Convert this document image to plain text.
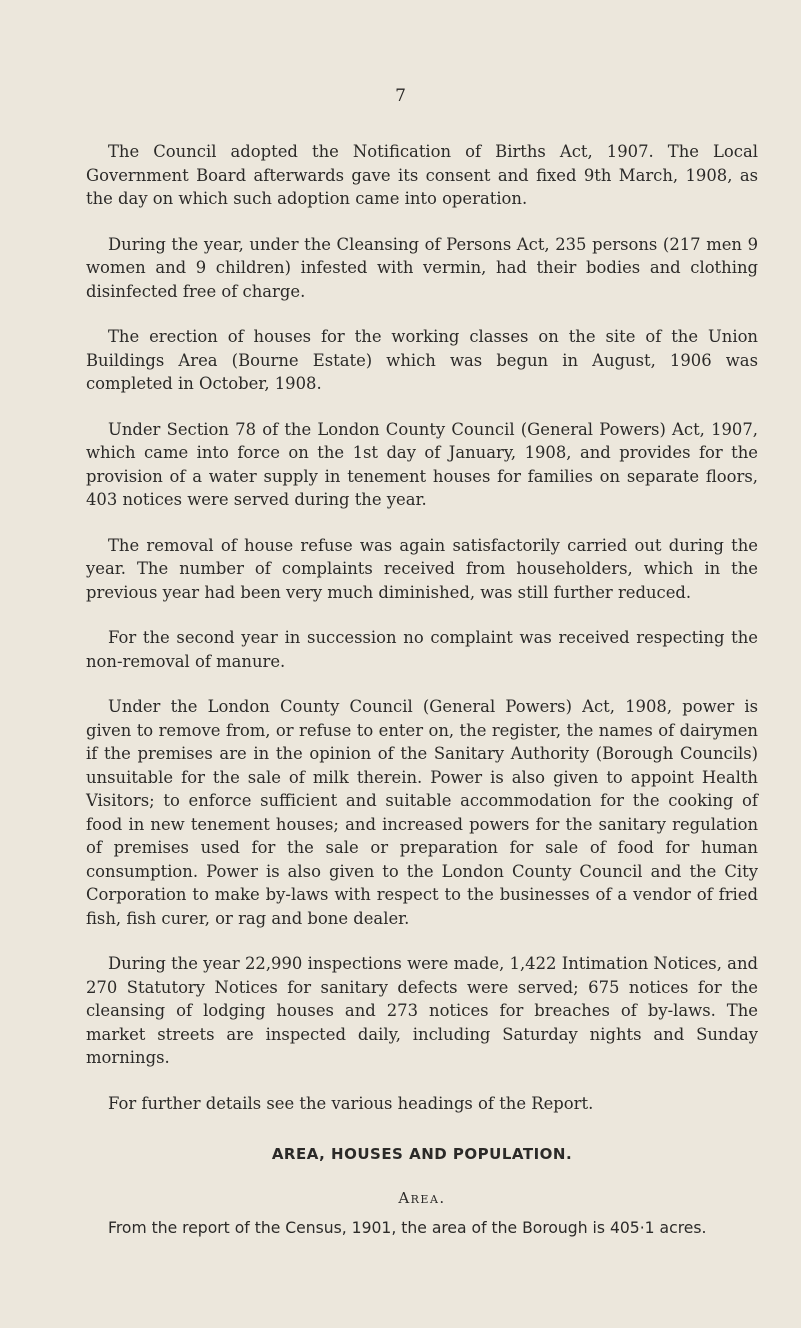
7

The Council adopted the Notification of Births Act, 1907. The Local Government Board afterwards gave its consent and fixed 9th March, 1908, as the day on which such adoption came into operation.

During the year, under the Cleansing of Persons Act, 235 persons (217 men 9 women and 9 children) infested with vermin, had their bodies and clothing disinfected free of charge.

The erection of houses for the working classes on the site of the Union Buildings Area (Bourne Estate) which was begun in August, 1906 was completed in October, 1908.

Under Section 78 of the London County Council (General Powers) Act, 1907, which came into force on the 1st day of January, 1908, and provides for the provision of a water supply in tenement houses for families on separate floors, 403 notices were served during the year.

The removal of house refuse was again satisfactorily carried out during the year. The number of complaints received from householders, which in the previous year had been very much diminished, was still further reduced.

For the second year in succession no complaint was received respecting the non-removal of manure.

Under the London County Council (General Powers) Act, 1908, power is given to remove from, or refuse to enter on, the register, the names of dairymen if the premises are in the opinion of the Sanitary Authority (Borough Councils) unsuitable for the sale of milk therein. Power is also given to appoint Health Visitors; to enforce sufficient and suitable accommodation for the cooking of food in new tenement houses; and increased powers for the sanitary regulation of premises used for the sale or preparation for sale of food for human consumption. Power is also given to the London County Council and the City Corporation to make by-laws with respect to the businesses of a vendor of fried fish, fish curer, or rag and bone dealer.

During the year 22,990 inspections were made, 1,422 Intimation Notices, and 270 Statutory Notices for sanitary defects were served; 675 notices for the cleansing of lodging houses and 273 notices for breaches of by-laws. The market streets are inspected daily, including Saturday nights and Sunday mornings.

For further details see the various headings of the Report.

AREA, HOUSES AND POPULATION.
Area.

From the report of the Census, 1901, the area of the Borough is 405·1 acres.
